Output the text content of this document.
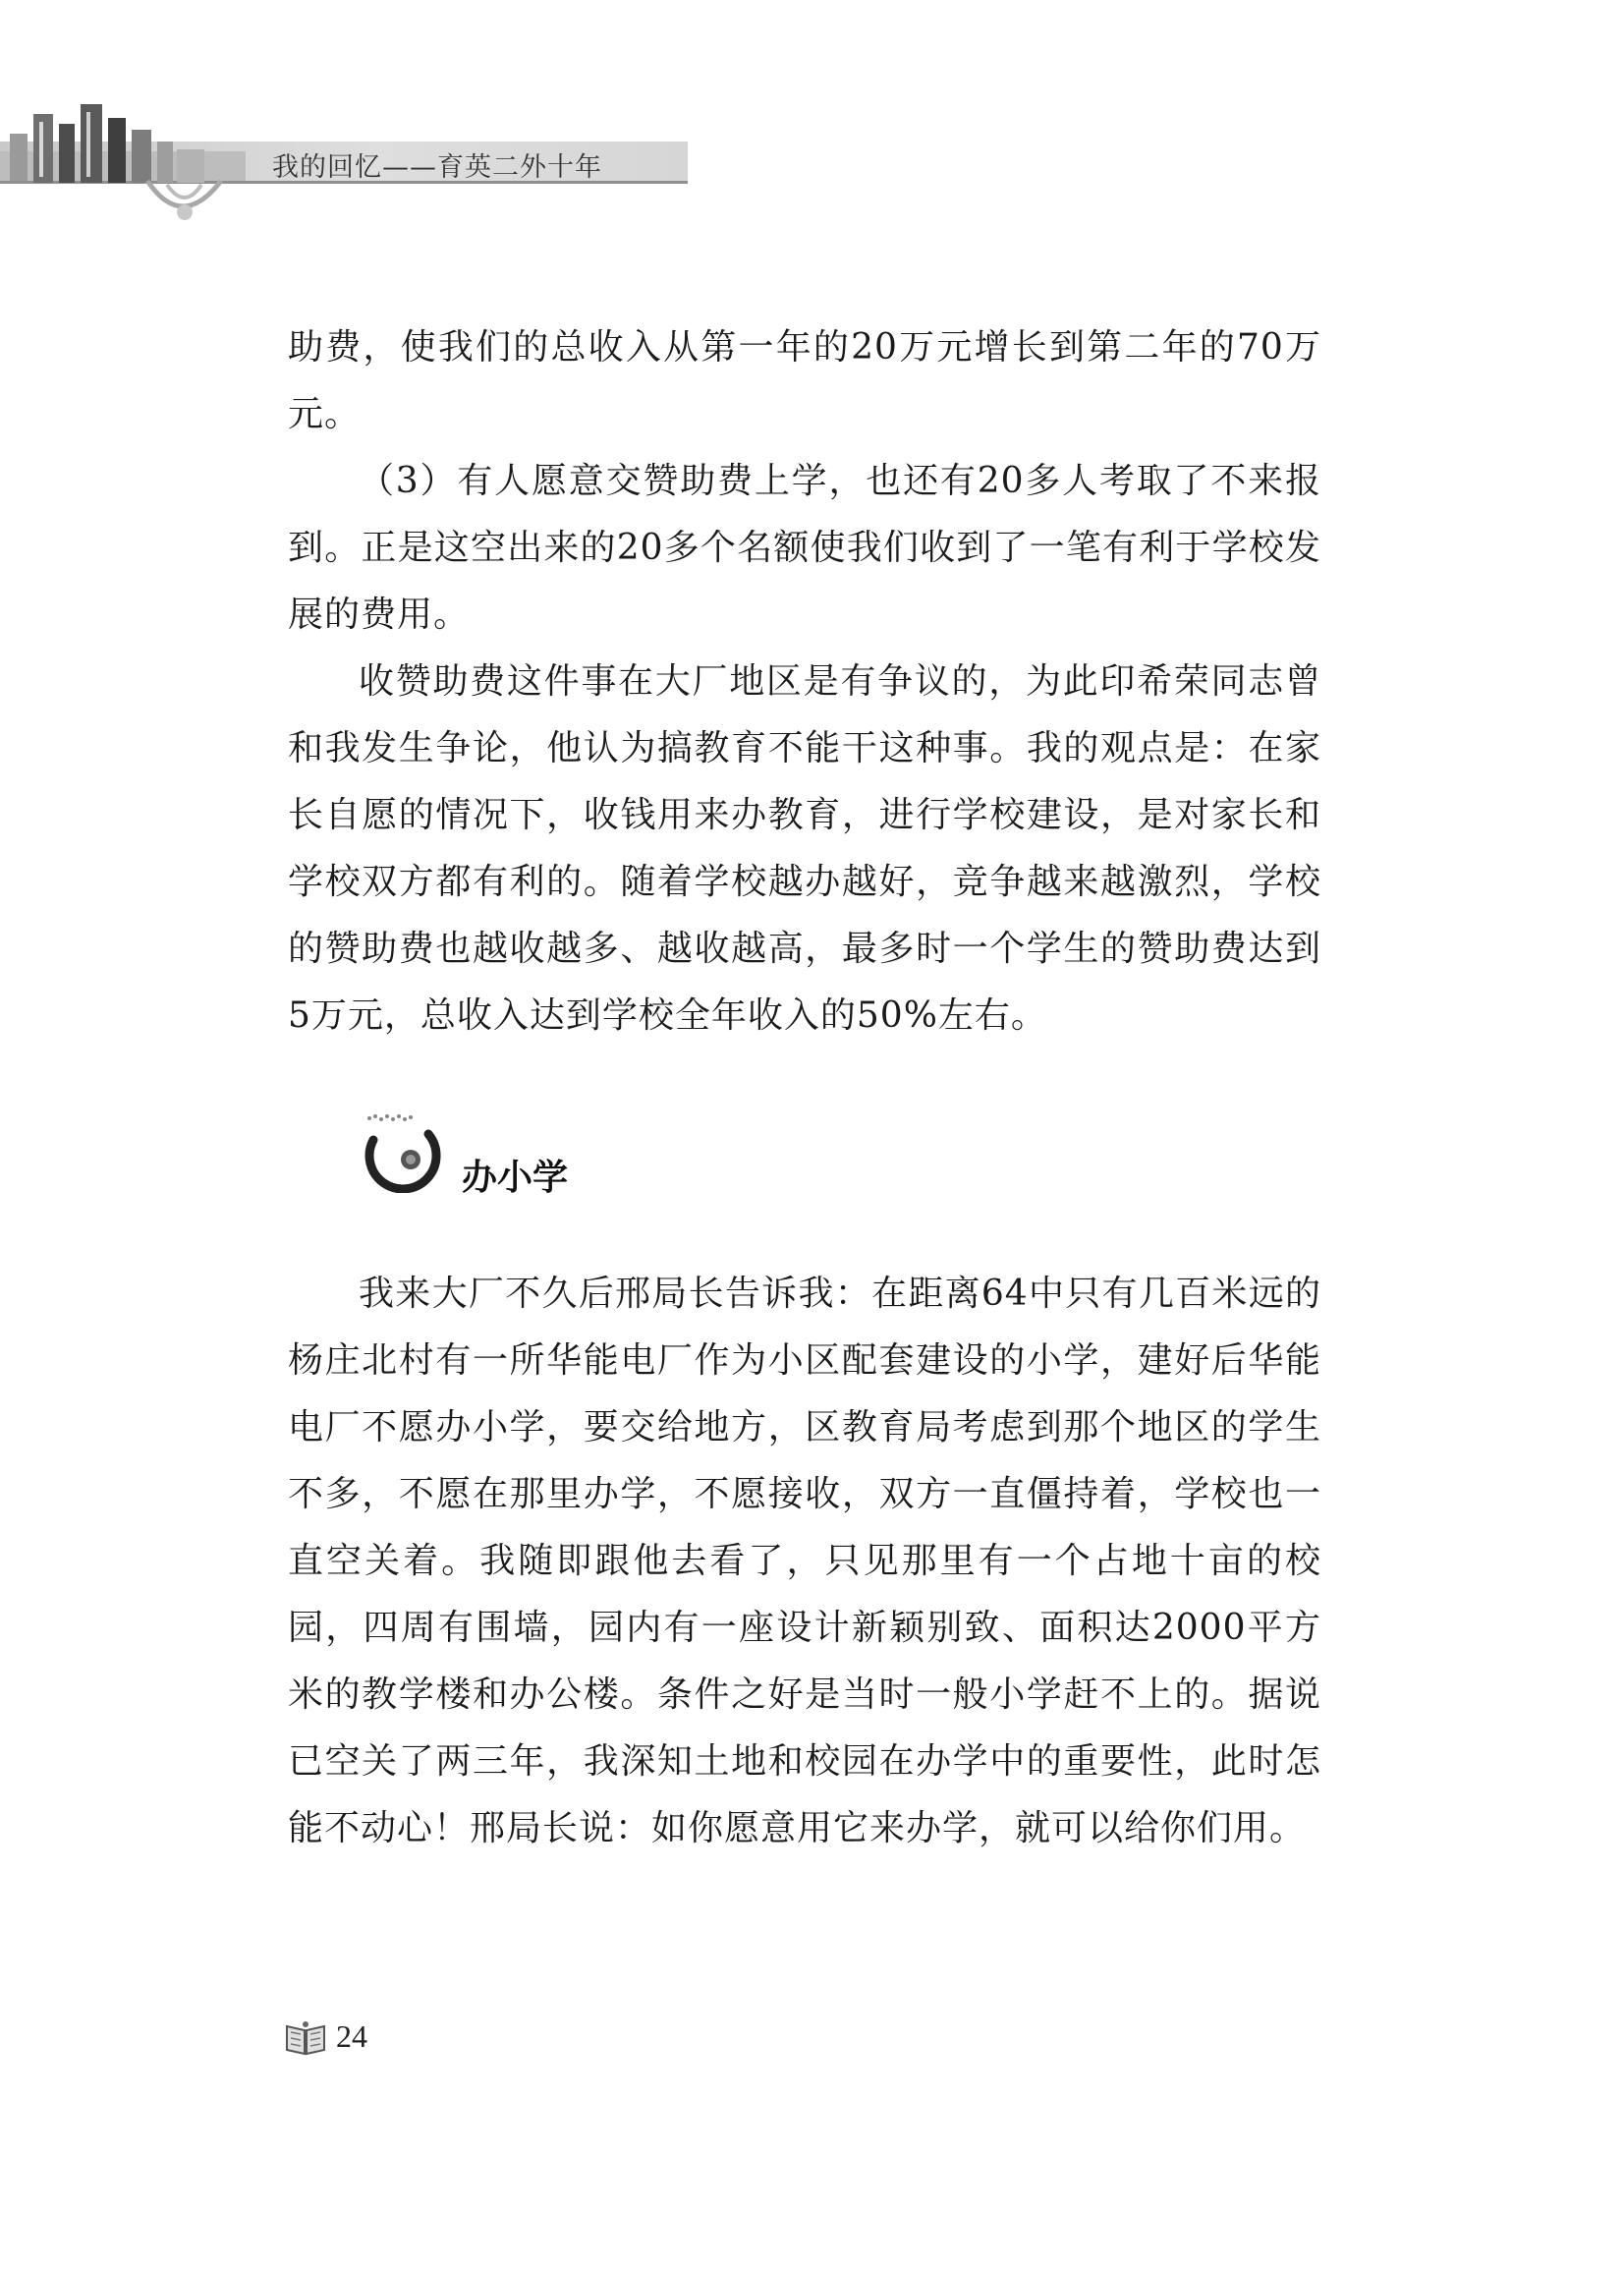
我的回忆——育英二外十年

助费，使我们的总收入从第一年的20万元增长到第二年的70万元。

（3）有人愿意交赞助费上学，也还有20多人考取了不来报到。正是这空出来的20多个名额使我们收到了一笔有利于学校发展的费用。

收赞助费这件事在大厂地区是有争议的，为此印希荣同志曾和我发生争论，他认为搞教育不能干这种事。我的观点是：在家长自愿的情况下，收钱用来办教育，进行学校建设，是对家长和学校双方都有利的。随着学校越办越好，竞争越来越激烈，学校的赞助费也越收越多、越收越高，最多时一个学生的赞助费达到5万元，总收入达到学校全年收入的50%左右。

办小学

我来大厂不久后邢局长告诉我：在距离64中只有几百米远的杨庄北村有一所华能电厂作为小区配套建设的小学，建好后华能电厂不愿办小学，要交给地方，区教育局考虑到那个地区的学生不多，不愿在那里办学，不愿接收，双方一直僵持着，学校也一直空关着。我随即跟他去看了，只见那里有一个占地十亩的校园，四周有围墙，园内有一座设计新颖别致、面积达2000平方米的教学楼和办公楼。条件之好是当时一般小学赶不上的。据说已空关了两三年，我深知土地和校园在办学中的重要性，此时怎能不动心！邢局长说：如你愿意用它来办学，就可以给你们用。

24
